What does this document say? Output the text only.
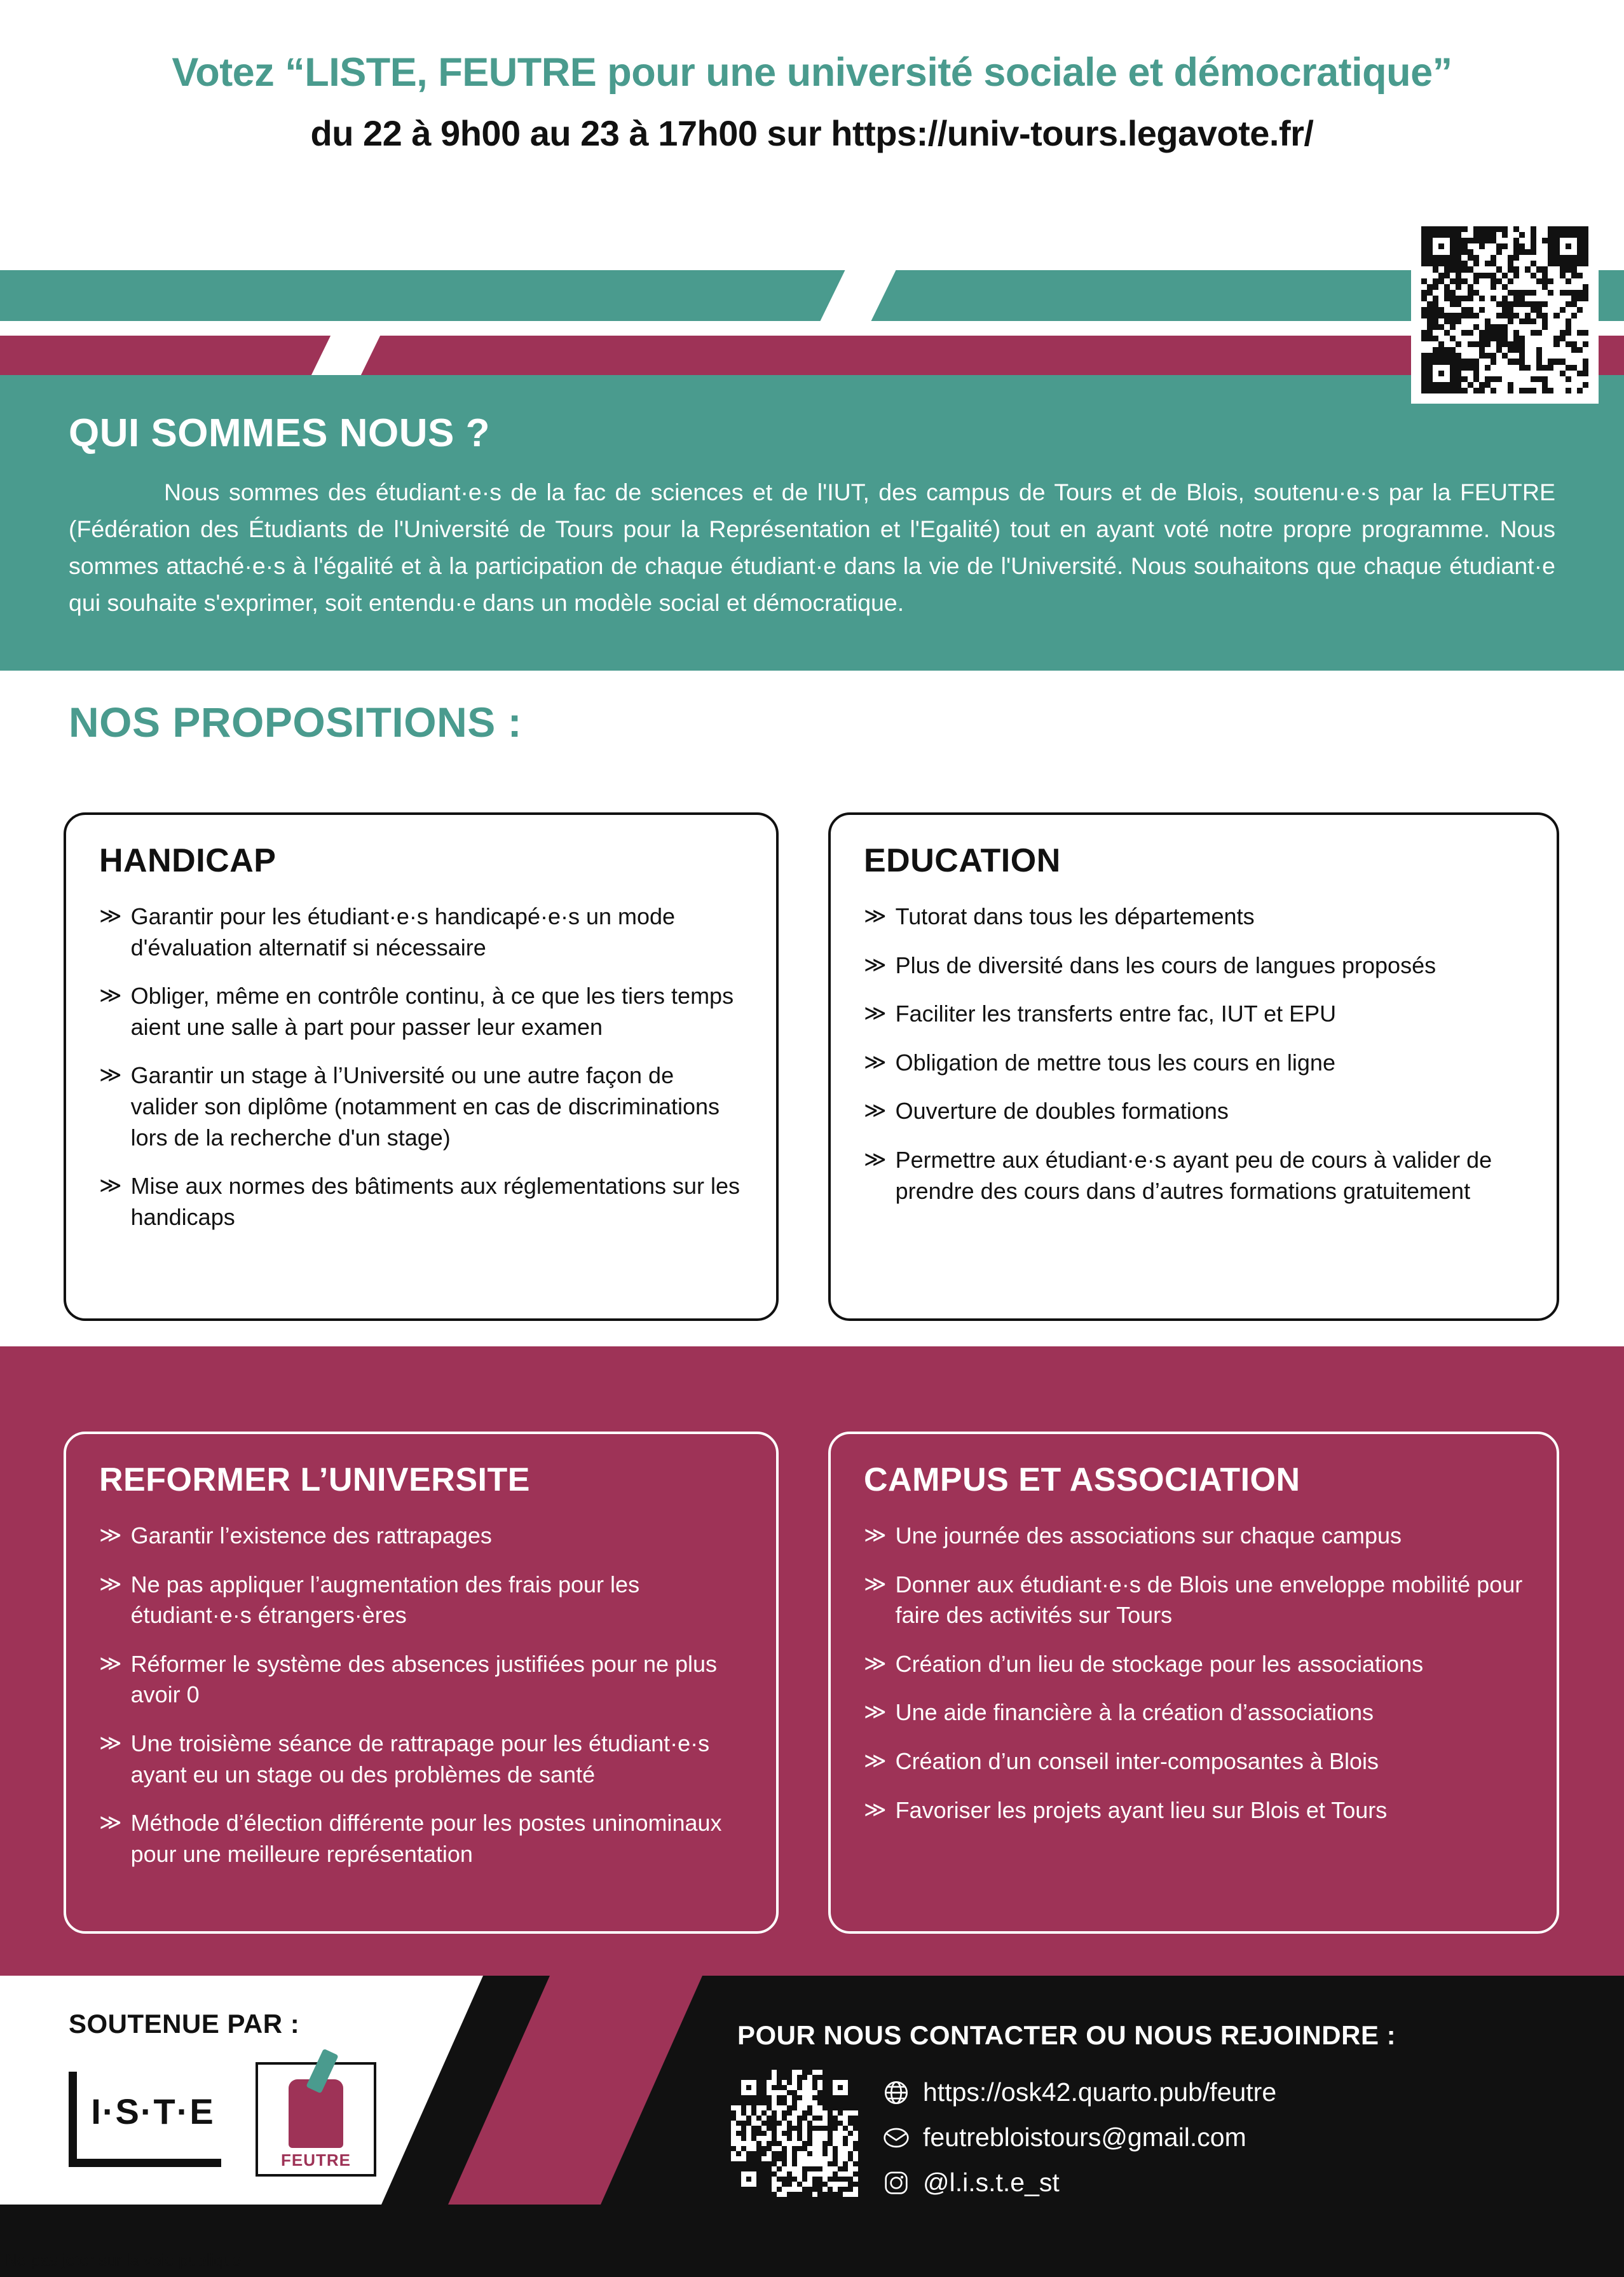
Votez “LISTE, FEUTRE pour une université sociale et démocratique”
du 22 à 9h00 au 23 à 17h00 sur https://univ-tours.legavote.fr/
QUI SOMMES NOUS ?
Nous sommes des étudiant·e·s de la fac de sciences et de l'IUT, des campus de Tours et de Blois, soutenu·e·s par la FEUTRE (Fédération des Étudiants de l'Université de Tours pour la Représentation et l'Egalité) tout en ayant voté notre propre programme. Nous sommes attaché·e·s à l'égalité et à la participation de chaque étudiant·e dans la vie de l'Université. Nous souhaitons que chaque étudiant·e qui souhaite s'exprimer, soit entendu·e dans un modèle social et démocratique.
NOS PROPOSITIONS :
HANDICAP
≫ Garantir pour les étudiant·e·s handicapé·e·s un mode d'évaluation alternatif si nécessaire
≫ Obliger, même en contrôle continu, à ce que les tiers temps aient une salle à part pour passer leur examen
≫ Garantir un stage à l’Université ou une autre façon de valider son diplôme (notamment en cas de discriminations lors de la recherche d'un stage)
≫ Mise aux normes des bâtiments aux réglementations sur les handicaps
EDUCATION
≫ Tutorat dans tous les départements
≫ Plus de diversité dans les cours de langues proposés
≫ Faciliter les transferts entre fac, IUT et EPU
≫ Obligation de mettre tous les cours en ligne
≫ Ouverture de doubles formations
≫ Permettre aux étudiant·e·s ayant peu de cours à valider de prendre des cours dans d’autres formations gratuitement
REFORMER L’UNIVERSITE
≫ Garantir l’existence des rattrapages
≫ Ne pas appliquer l’augmentation des frais pour les étudiant·e·s étrangers·ères
≫ Réformer le système des absences justifiées pour ne plus avoir 0
≫ Une troisième séance de rattrapage pour les étudiant·e·s ayant eu un stage ou des problèmes de santé
≫ Méthode d’élection différente pour les postes uninominaux pour une meilleure représentation
CAMPUS ET ASSOCIATION
≫ Une journée des associations sur chaque campus
≫ Donner aux étudiant·e·s de Blois une enveloppe mobilité pour faire des activités sur Tours
≫ Création d’un lieu de stockage pour les associations
≫ Une aide financière à la création d’associations
≫ Création d’un conseil inter-composantes à Blois
≫ Favoriser les projets ayant lieu sur Blois et Tours
SOUTENUE PAR :
I·S·T·E
FEUTRE
POUR NOUS CONTACTER OU NOUS REJOINDRE :
https://osk42.quarto.pub/feutre
feutrebloistours@gmail.com
@l.i.s.t.e_st
Ne pas jeter sur la voie publique
